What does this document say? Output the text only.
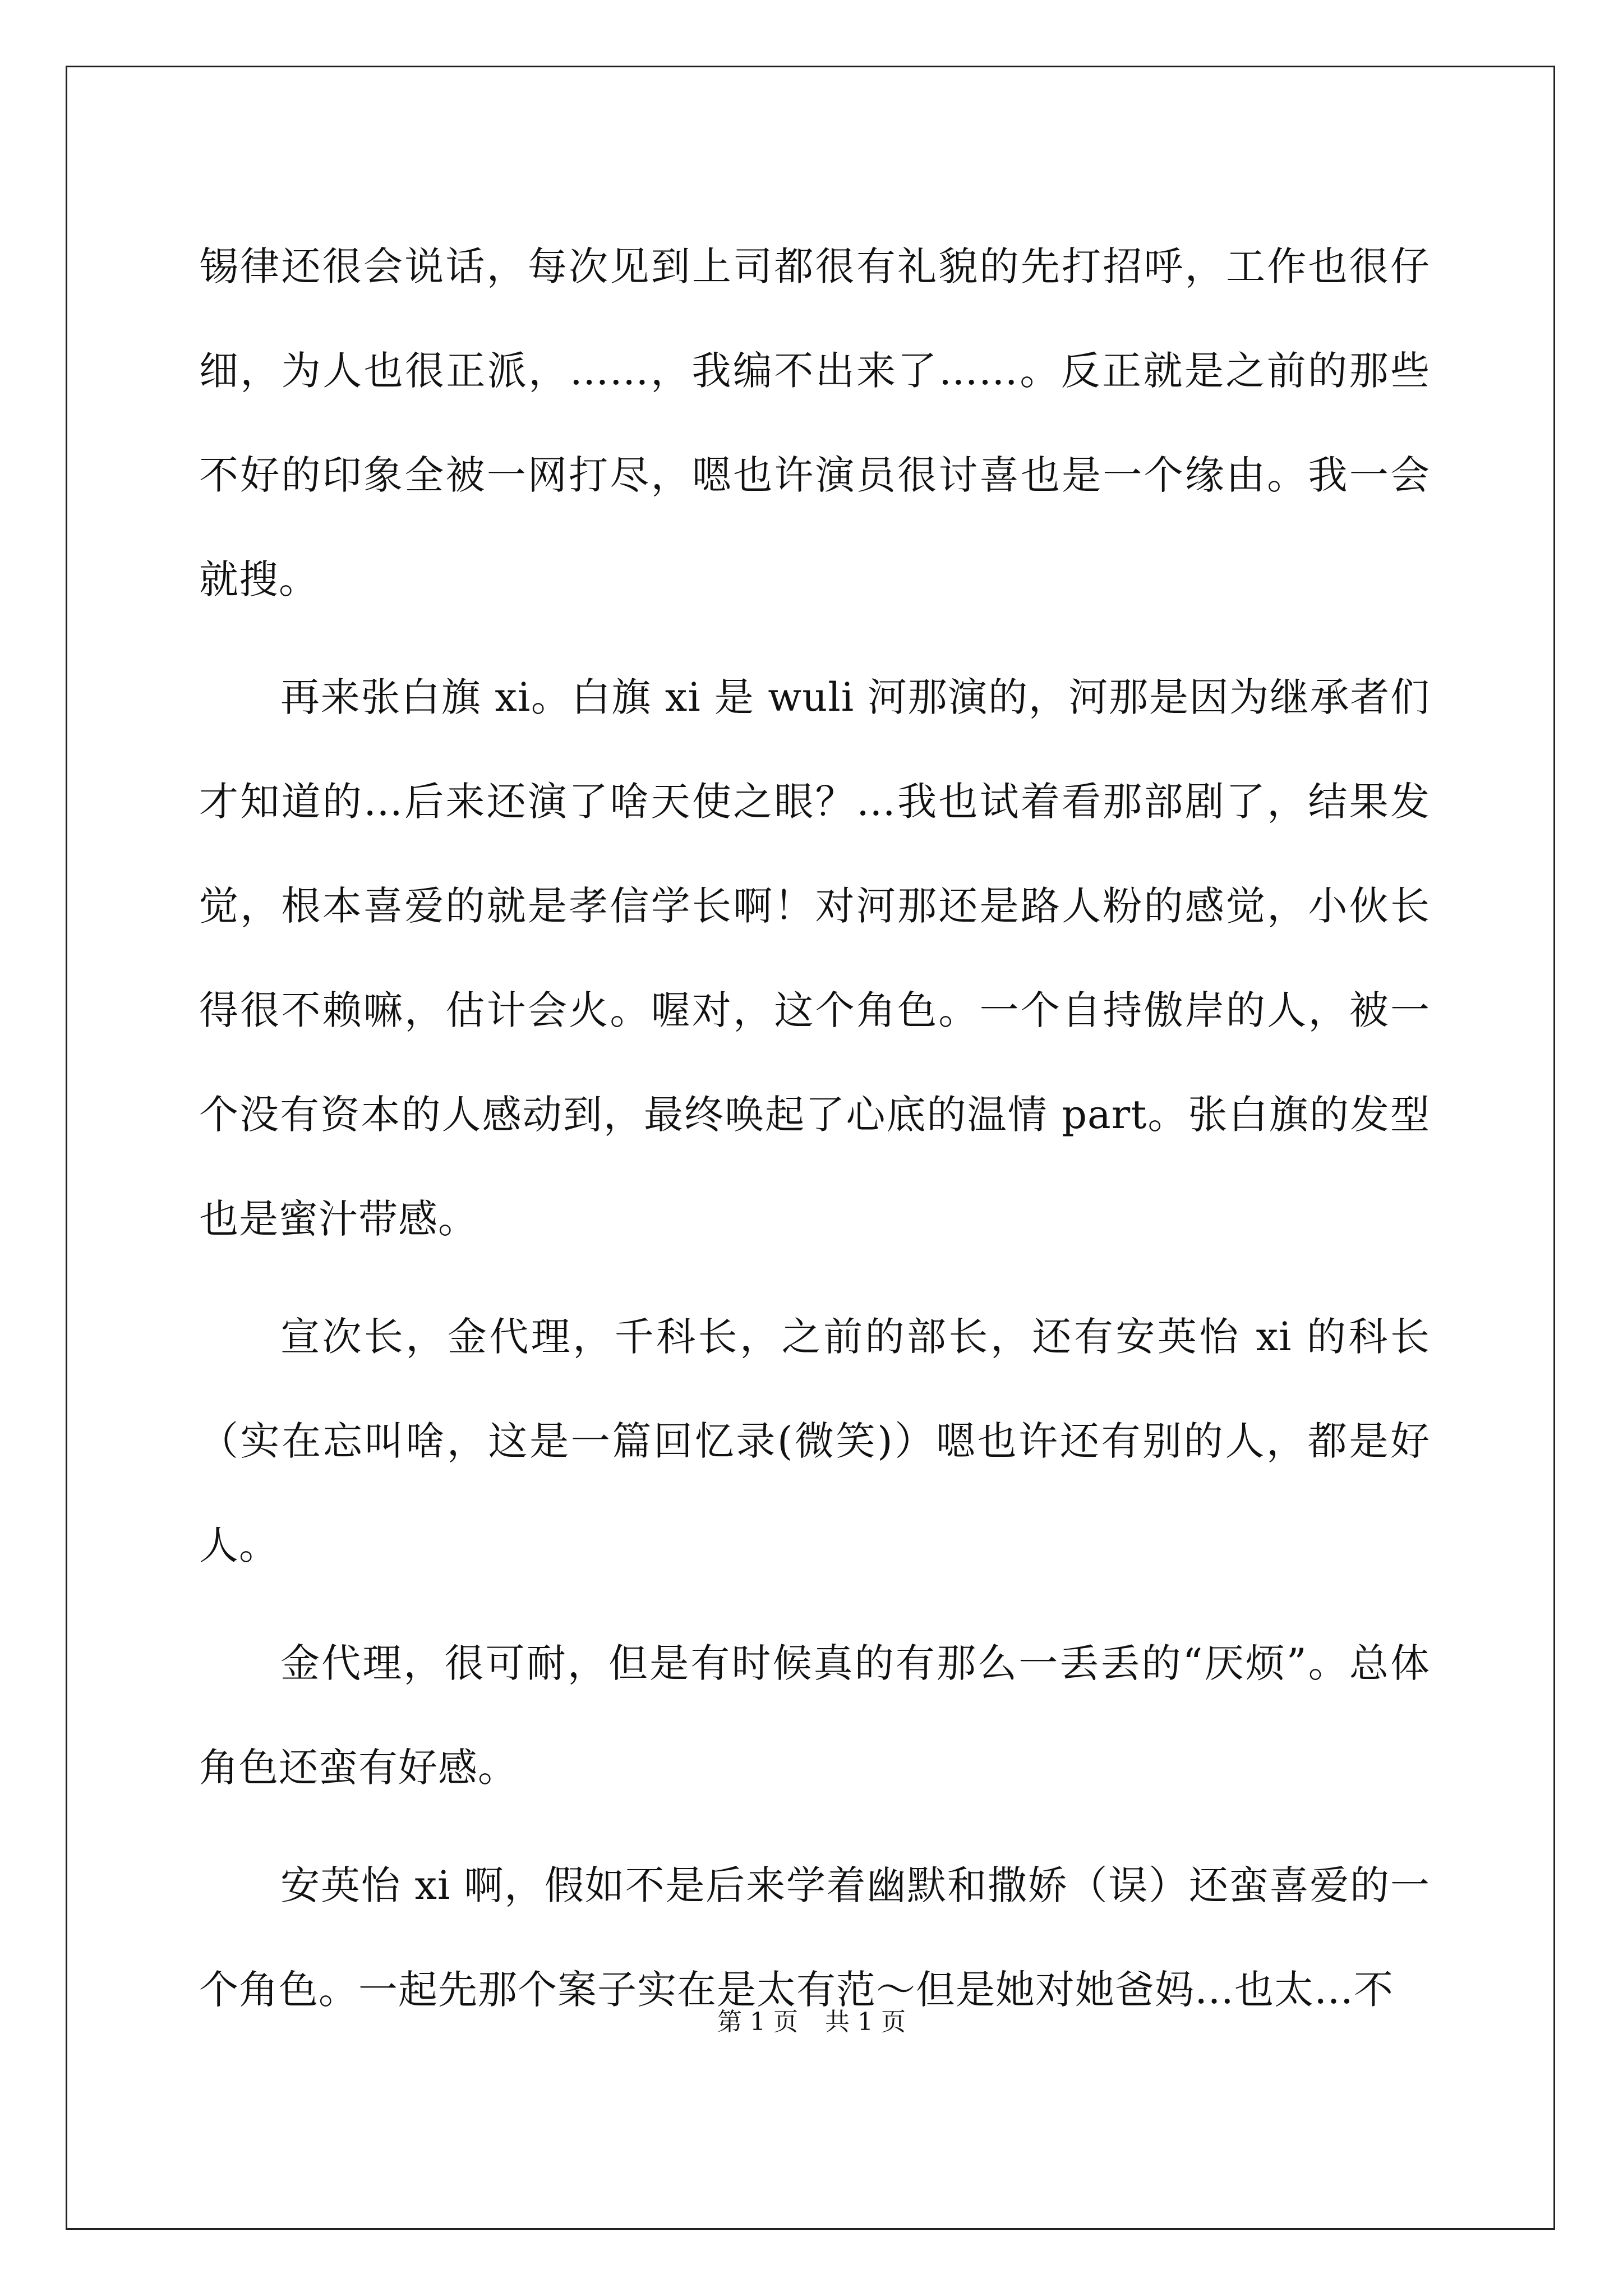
锡律还很会说话，每次见到上司都很有礼貌的先打招呼，工作也很仔细，为人也很正派，……，我编不出来了……。反正就是之前的那些不好的印象全被一网打尽，嗯也许演员很讨喜也是一个缘由。我一会就搜。

再来张白旗 xi。白旗 xi 是 wuli 河那演的，河那是因为继承者们才知道的…后来还演了啥天使之眼？…我也试着看那部剧了，结果发觉，根本喜爱的就是孝信学长啊！对河那还是路人粉的感觉，小伙长得很不赖嘛，估计会火。喔对，这个角色。一个自持傲岸的人，被一个没有资本的人感动到，最终唤起了心底的温情 part。张白旗的发型也是蜜汁带感。

宣次长，金代理，千科长，之前的部长，还有安英怡 xi 的科长（实在忘叫啥，这是一篇回忆录(微笑)）嗯也许还有别的人，都是好人。

金代理，很可耐，但是有时候真的有那么一丢丢的“厌烦”。总体角色还蛮有好感。

安英怡 xi 啊，假如不是后来学着幽默和撒娇（误）还蛮喜爱的一个角色。一起先那个案子实在是太有范～但是她对她爸妈…也太…不

第 1 页 共 1 页
